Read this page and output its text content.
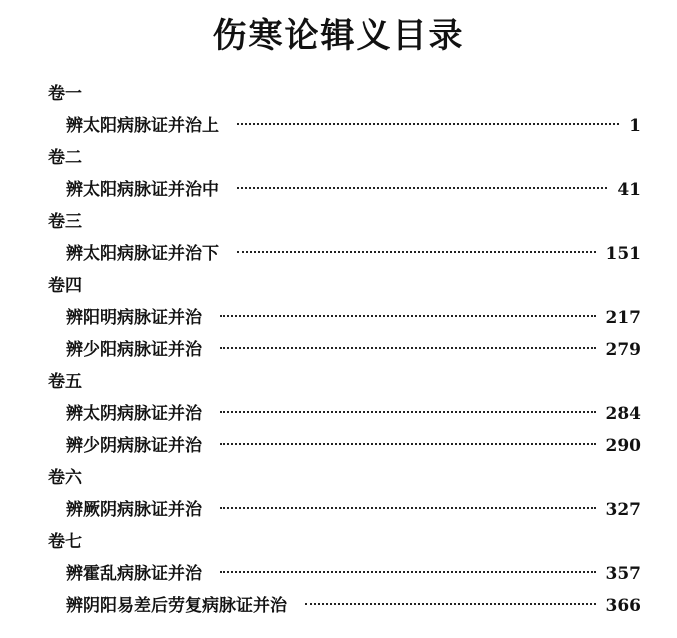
伤寒论辑义目录
卷一
辨太阳病脉证并治上	1
卷二
辨太阳病脉证并治中	41
卷三
辨太阳病脉证并治下	151
卷四
辨阳明病脉证并治	217
辨少阳病脉证并治	279
卷五
辨太阴病脉证并治	284
辨少阴病脉证并治	290
卷六
辨厥阴病脉证并治	327
卷七
辨霍乱病脉证并治	357
辨阴阳易差后劳复病脉证并治	366
